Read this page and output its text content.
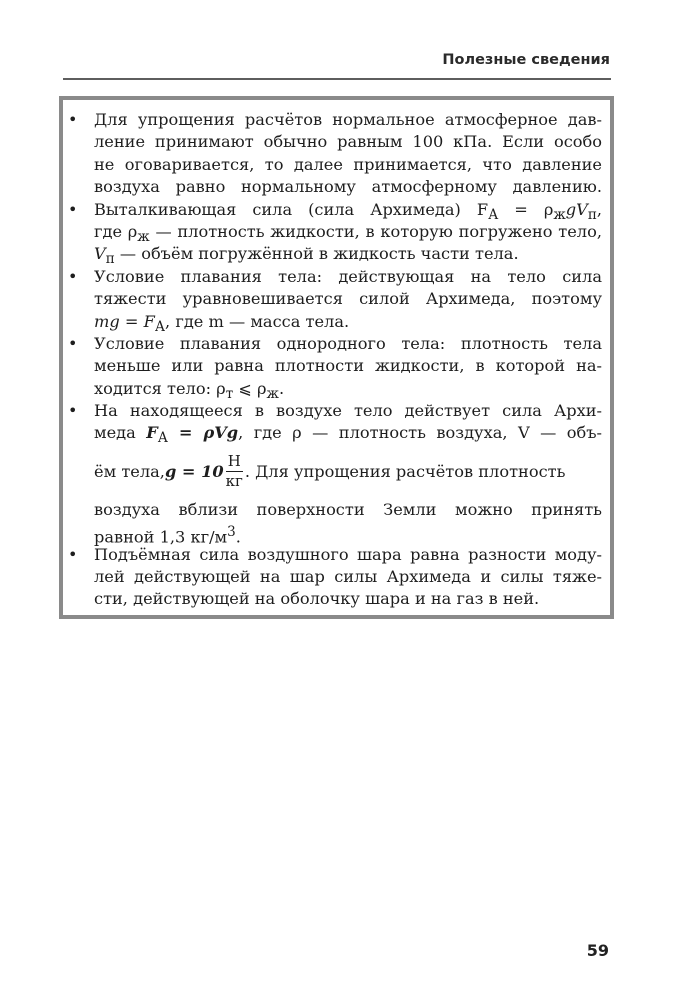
Полезные сведения
• Для упрощения расчётов нормальное атмосферное дав-
ление принимают обычно равным 100 кПа. Если особо
не оговаривается, то далее принимается, что давление
воздуха равно нормальному атмосферному давлению.
• Выталкивающая сила (сила Архимеда) $F_А = \rho_жgV_п$,
где $\rho_ж$ — плотность жидкости, в которую погружено тело,
$V_п$ — объём погружённой в жидкость части тела.
• Условие плавания тела: действующая на тело сила
тяжести уравновешивается силой Архимеда, поэтому
mg = $F_А$, где m — масса тела.
• Условие плавания однородного тела: плотность тела
меньше или равна плотности жидкости, в которой на-
ходится тело: $\rho_т$ ⩽ $\rho_ж$.
• На находящееся в воздухе тело действует сила Архи-
меда $F_А = \rho Vg$, где ρ — плотность воздуха, V — объ-
ём тела, $g = 10 \frac{Н}{кг}$ . Для упрощения расчётов плотность
воздуха вблизи поверхности Земли можно принять
равной 1,3 $кг/м^3$.
• Подъёмная сила воздушного шара равна разности моду-
лей действующей на шар силы Архимеда и силы тяже-
сти, действующей на оболочку шара и на газ в ней.
59
